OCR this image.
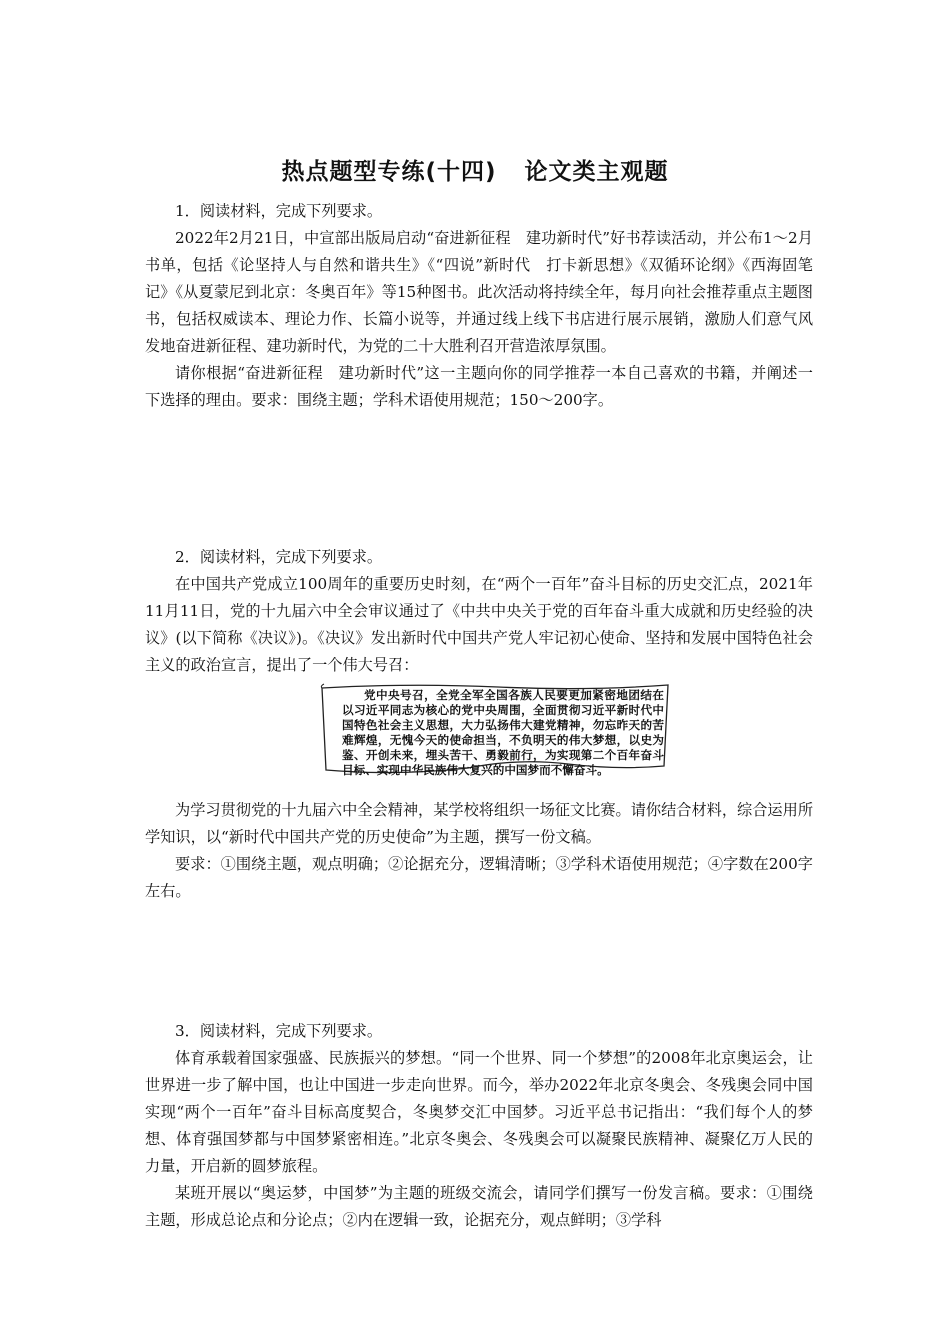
热点题型专练(十四) 论文类主观题

1．阅读材料，完成下列要求。

2022年2月21日，中宣部出版局启动“奋进新征程　建功新时代”好书荐读活动，并公布1～2月书单，包括《论坚持人与自然和谐共生》《“四说”新时代　打卡新思想》《双循环论纲》《西海固笔记》《从夏蒙尼到北京：冬奥百年》等15种图书。此次活动将持续全年，每月向社会推荐重点主题图书，包括权威读本、理论力作、长篇小说等，并通过线上线下书店进行展示展销，激励人们意气风发地奋进新征程、建功新时代，为党的二十大胜利召开营造浓厚氛围。

请你根据“奋进新征程　建功新时代”这一主题向你的同学推荐一本自己喜欢的书籍，并阐述一下选择的理由。要求：围绕主题；学科术语使用规范；150～200字。

2．阅读材料，完成下列要求。

在中国共产党成立100周年的重要历史时刻，在“两个一百年”奋斗目标的历史交汇点，2021年11月11日，党的十九届六中全会审议通过了《中共中央关于党的百年奋斗重大成就和历史经验的决议》(以下简称《决议》)。《决议》发出新时代中国共产党人牢记初心使命、坚持和发展中国特色社会主义的政治宣言，提出了一个伟大号召：

党中央号召，全党全军全国各族人民要更加紧密地团结在以习近平同志为核心的党中央周围，全面贯彻习近平新时代中国特色社会主义思想，大力弘扬伟大建党精神，勿忘昨天的苦难辉煌，无愧今天的使命担当，不负明天的伟大梦想，以史为鉴、开创未来，埋头苦干、勇毅前行，为实现第二个百年奋斗目标、实现中华民族伟大复兴的中国梦而不懈奋斗。

为学习贯彻党的十九届六中全会精神，某学校将组织一场征文比赛。请你结合材料，综合运用所学知识，以“新时代中国共产党的历史使命”为主题，撰写一份文稿。

要求：①围绕主题，观点明确；②论据充分，逻辑清晰；③学科术语使用规范；④字数在200字左右。

3．阅读材料，完成下列要求。

体育承载着国家强盛、民族振兴的梦想。“同一个世界、同一个梦想”的2008年北京奥运会，让世界进一步了解中国，也让中国进一步走向世界。而今，举办2022年北京冬奥会、冬残奥会同中国实现“两个一百年”奋斗目标高度契合，冬奥梦交汇中国梦。习近平总书记指出：“我们每个人的梦想、体育强国梦都与中国梦紧密相连。”北京冬奥会、冬残奥会可以凝聚民族精神、凝聚亿万人民的力量，开启新的圆梦旅程。

某班开展以“奥运梦，中国梦”为主题的班级交流会，请同学们撰写一份发言稿。要求：①围绕主题，形成总论点和分论点；②内在逻辑一致，论据充分，观点鲜明；③学科
